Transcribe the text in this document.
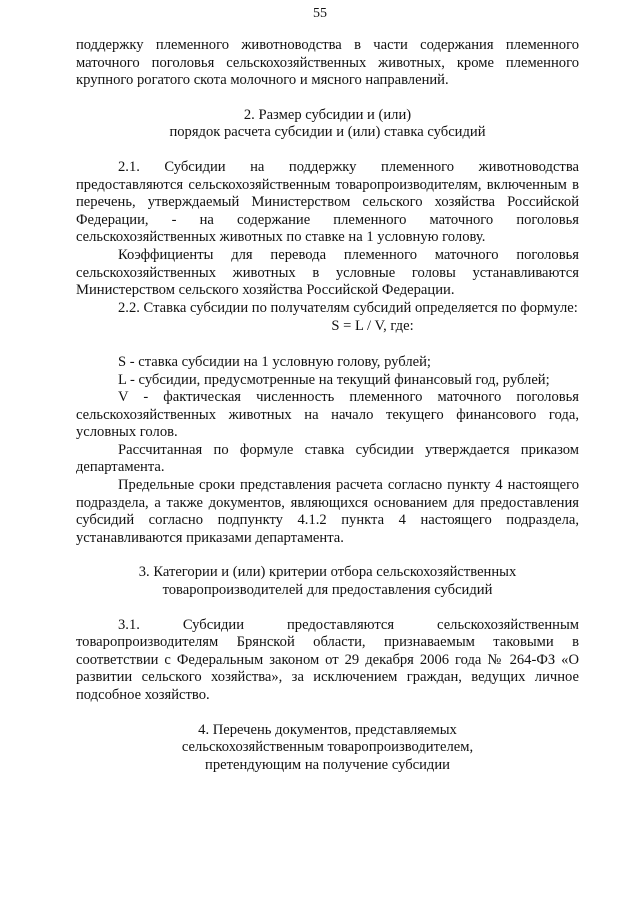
55

поддержку племенного животноводства в части содержания племенного маточного поголовья сельскохозяйственных животных, кроме племенного крупного рогатого скота молочного и мясного направлений.

2. Размер субсидии и (или)
порядок расчета субсидии и (или) ставка субсидий

2.1. Субсидии на поддержку племенного животноводства предоставляются сельскохозяйственным товаропроизводителям, включенным в перечень, утверждаемый Министерством сельского хозяйства Российской Федерации, - на содержание племенного маточного поголовья сельскохозяйственных животных по ставке на 1 условную голову.

Коэффициенты для перевода племенного маточного поголовья сельскохозяйственных животных в условные головы устанавливаются Министерством сельского хозяйства Российской Федерации.

2.2. Ставка субсидии по получателям субсидий определяется по формуле:

S = L / V, где:

S - ставка субсидии на 1 условную голову, рублей;

L - субсидии, предусмотренные на текущий финансовый год, рублей;

V - фактическая численность племенного маточного поголовья сельскохозяйственных животных на начало текущего финансового года, условных голов.

Рассчитанная по формуле ставка субсидии утверждается приказом департамента.

Предельные сроки представления расчета согласно пункту 4 настоящего подраздела, а также документов, являющихся основанием для предоставления субсидий согласно подпункту 4.1.2 пункта 4 настоящего подраздела, устанавливаются приказами департамента.

3. Категории и (или) критерии отбора сельскохозяйственных
товаропроизводителей для предоставления субсидий

3.1. Субсидии предоставляются сельскохозяйственным товаропроизводителям Брянской области, признаваемым таковыми в соответствии с Федеральным законом от 29 декабря 2006 года № 264-ФЗ «О развитии сельского хозяйства», за исключением граждан, ведущих личное подсобное хозяйство.

4. Перечень документов, представляемых
сельскохозяйственным товаропроизводителем,
претендующим на получение субсидии
